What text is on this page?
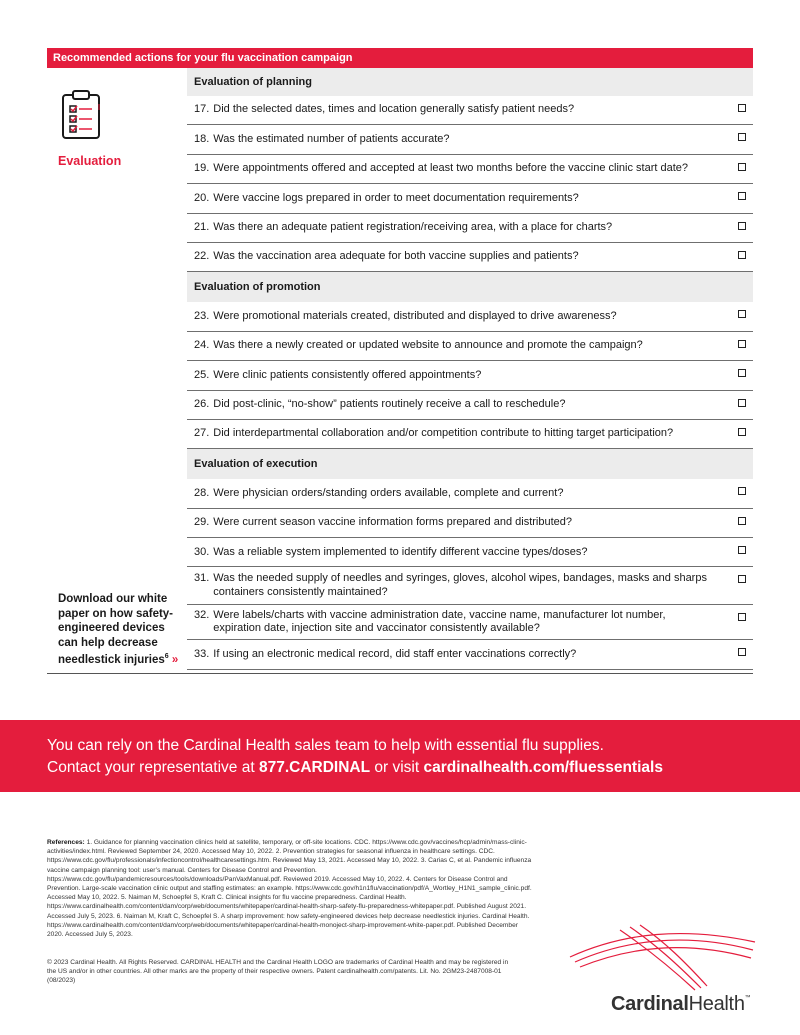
Recommended actions for your flu vaccination campaign
Evaluation
Download our white paper on how safety-engineered devices can help decrease needlestick injuries$^6$ »
Evaluation of planning
17. Did the selected dates, times and location generally satisfy patient needs?
18. Was the estimated number of patients accurate?
19. Were appointments offered and accepted at least two months before the vaccine clinic start date?
20. Were vaccine logs prepared in order to meet documentation requirements?
21. Was there an adequate patient registration/receiving area, with a place for charts?
22. Was the vaccination area adequate for both vaccine supplies and patients?
Evaluation of promotion
23. Were promotional materials created, distributed and displayed to drive awareness?
24. Was there a newly created or updated website to announce and promote the campaign?
25. Were clinic patients consistently offered appointments?
26. Did post-clinic, “no-show” patients routinely receive a call to reschedule?
27. Did interdepartmental collaboration and/or competition contribute to hitting target participation?
Evaluation of execution
28. Were physician orders/standing orders available, complete and current?
29. Were current season vaccine information forms prepared and distributed?
30. Was a reliable system implemented to identify different vaccine types/doses?
31. Was the needed supply of needles and syringes, gloves, alcohol wipes, bandages, masks and sharps containers consistently maintained?
32. Were labels/charts with vaccine administration date, vaccine name, manufacturer lot number, expiration date, injection site and vaccinator consistently available?
33. If using an electronic medical record, did staff enter vaccinations correctly?
You can rely on the Cardinal Health sales team to help with essential flu supplies.
Contact your representative at 877.CARDINAL or visit cardinalhealth.com/fluessentials
References: 1. Guidance for planning vaccination clinics held at satellite, temporary, or off-site locations. CDC. https://www.cdc.gov/vaccines/hcp/admin/mass-clinic-activities/index.html. Reviewed September 24, 2020. Accessed May 10, 2022. 2. Prevention strategies for seasonal influenza in healthcare settings. CDC. https://www.cdc.gov/flu/professionals/infectioncontrol/healthcaresettings.htm. Reviewed May 13, 2021. Accessed May 10, 2022. 3. Carias C, et al. Pandemic influenza vaccine campaign planning tool: user’s manual. Centers for Disease Control and Prevention. https://www.cdc.gov/flu/pandemicresources/tools/downloads/PanVaxManual.pdf. Reviewed 2019. Accessed May 10, 2022. 4. Centers for Disease Control and Prevention. Large-scale vaccination clinic output and staffing estimates: an example. https://www.cdc.gov/h1n1flu/vaccination/pdf/A_Wortley_H1N1_sample_clinic.pdf. Accessed May 10, 2022. 5. Naiman M, Schoepfel S, Kraft C. Clinical insights for flu vaccine preparedness. Cardinal Health. https://www.cardinalhealth.com/content/dam/corp/web/documents/whitepaper/cardinal-health-sharp-safety-flu-preparedness-whitepaper.pdf. Published August 2021. Accessed July 5, 2023. 6. Naiman M, Kraft C, Schoepfel S. A sharp improvement: how safety-engineered devices help decrease needlestick injuries. Cardinal Health. https://www.cardinalhealth.com/content/dam/corp/web/documents/whitepaper/cardinal-health-monoject-sharp-improvement-white-paper.pdf. Published December 2020. Accessed July 5, 2023.
© 2023 Cardinal Health. All Rights Reserved. CARDINAL HEALTH and the Cardinal Health LOGO are trademarks of Cardinal Health and may be registered in the US and/or in other countries. All other marks are the property of their respective owners. Patent cardinalhealth.com/patents. Lit. No. 2GM23-2487008-01 (08/2023)
CardinalHealth™
